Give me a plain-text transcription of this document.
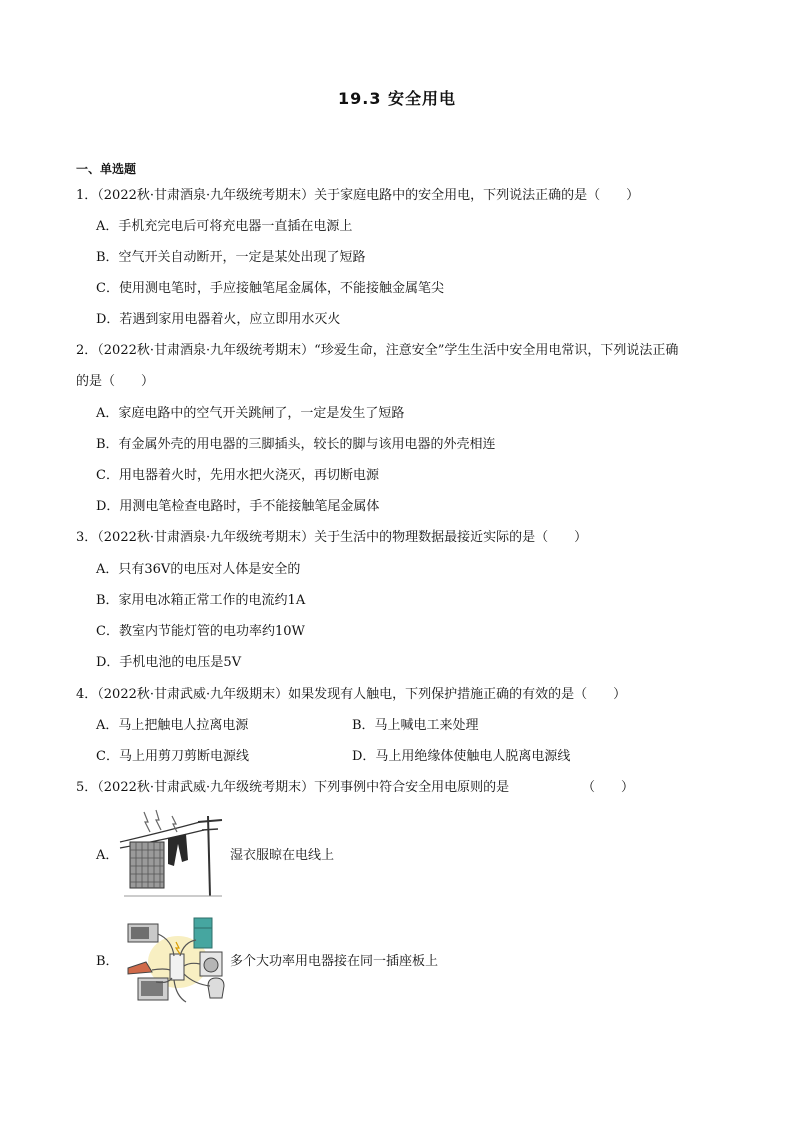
19.3 安全用电
一、单选题
1．（2022秋·甘肃酒泉·九年级统考期末）关于家庭电路中的安全用电，下列说法正确的是（　　）
A．手机充完电后可将充电器一直插在电源上
B．空气开关自动断开，一定是某处出现了短路
C．使用测电笔时，手应接触笔尾金属体，不能接触金属笔尖
D．若遇到家用电器着火，应立即用水灭火
2．（2022秋·甘肃酒泉·九年级统考期末）“珍爱生命，注意安全”学生生活中安全用电常识，下列说法正确
的是（　　）
A．家庭电路中的空气开关跳闸了，一定是发生了短路
B．有金属外壳的用电器的三脚插头，较长的脚与该用电器的外壳相连
C．用电器着火时，先用水把火浇灭，再切断电源
D．用测电笔检查电路时，手不能接触笔尾金属体
3．（2022秋·甘肃酒泉·九年级统考期末）关于生活中的物理数据最接近实际的是（　　）
A．只有36V的电压对人体是安全的
B．家用电冰箱正常工作的电流约1A
C．教室内节能灯管的电功率约10W
D．手机电池的电压是5V
4．（2022秋·甘肃武威·九年级期末）如果发现有人触电，下列保护措施正确的有效的是（　　）
A．马上把触电人拉离电源	B．马上喊电工来处理
C．马上用剪刀剪断电源线	D．马上用绝缘体使触电人脱离电源线
5．（2022秋·甘肃武威·九年级统考期末）下列事例中符合安全用电原则的是	（　　）
A．	湿衣服晾在电线上
B．	多个大功率用电器接在同一插座板上
